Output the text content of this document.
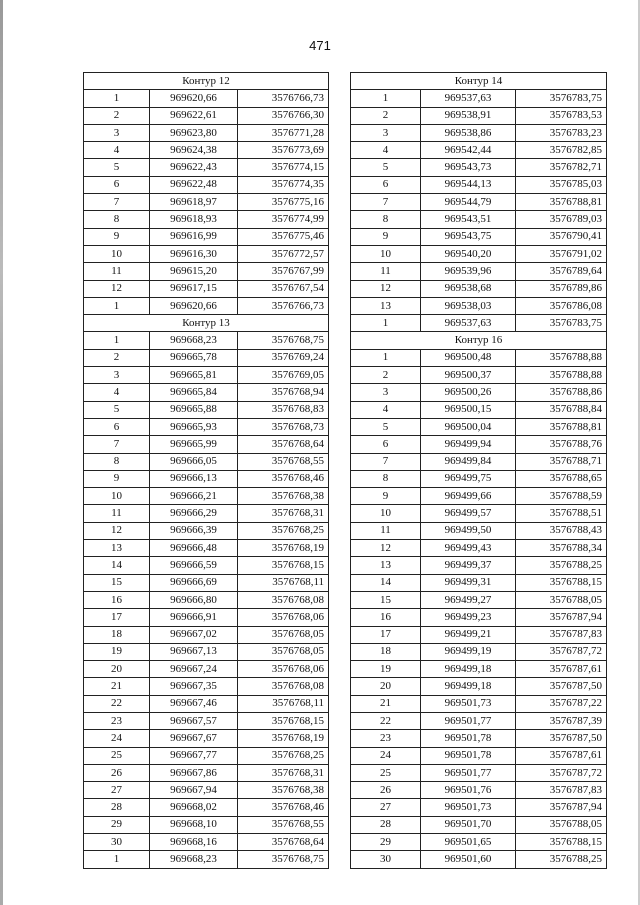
471
Контур 12		
1	969620,66	3576766,73
2	969622,61	3576766,30
3	969623,80	3576771,28
4	969624,38	3576773,69
5	969622,43	3576774,15
6	969622,48	3576774,35
7	969618,97	3576775,16
8	969618,93	3576774,99
9	969616,99	3576775,46
10	969616,30	3576772,57
11	969615,20	3576767,99
12	969617,15	3576767,54
1	969620,66	3576766,73
Контур 13		
1	969668,23	3576768,75
2	969665,78	3576769,24
3	969665,81	3576769,05
4	969665,84	3576768,94
5	969665,88	3576768,83
6	969665,93	3576768,73
7	969665,99	3576768,64
8	969666,05	3576768,55
9	969666,13	3576768,46
10	969666,21	3576768,38
11	969666,29	3576768,31
12	969666,39	3576768,25
13	969666,48	3576768,19
14	969666,59	3576768,15
15	969666,69	3576768,11
16	969666,80	3576768,08
17	969666,91	3576768,06
18	969667,02	3576768,05
19	969667,13	3576768,05
20	969667,24	3576768,06
21	969667,35	3576768,08
22	969667,46	3576768,11
23	969667,57	3576768,15
24	969667,67	3576768,19
25	969667,77	3576768,25
26	969667,86	3576768,31
27	969667,94	3576768,38
28	969668,02	3576768,46
29	969668,10	3576768,55
30	969668,16	3576768,64
1	969668,23	3576768,75
Контур 14		
1	969537,63	3576783,75
2	969538,91	3576783,53
3	969538,86	3576783,23
4	969542,44	3576782,85
5	969543,73	3576782,71
6	969544,13	3576785,03
7	969544,79	3576788,81
8	969543,51	3576789,03
9	969543,75	3576790,41
10	969540,20	3576791,02
11	969539,96	3576789,64
12	969538,68	3576789,86
13	969538,03	3576786,08
1	969537,63	3576783,75
Контур 16		
1	969500,48	3576788,88
2	969500,37	3576788,88
3	969500,26	3576788,86
4	969500,15	3576788,84
5	969500,04	3576788,81
6	969499,94	3576788,76
7	969499,84	3576788,71
8	969499,75	3576788,65
9	969499,66	3576788,59
10	969499,57	3576788,51
11	969499,50	3576788,43
12	969499,43	3576788,34
13	969499,37	3576788,25
14	969499,31	3576788,15
15	969499,27	3576788,05
16	969499,23	3576787,94
17	969499,21	3576787,83
18	969499,19	3576787,72
19	969499,18	3576787,61
20	969499,18	3576787,50
21	969501,73	3576787,22
22	969501,77	3576787,39
23	969501,78	3576787,50
24	969501,78	3576787,61
25	969501,77	3576787,72
26	969501,76	3576787,83
27	969501,73	3576787,94
28	969501,70	3576788,05
29	969501,65	3576788,15
30	969501,60	3576788,25
